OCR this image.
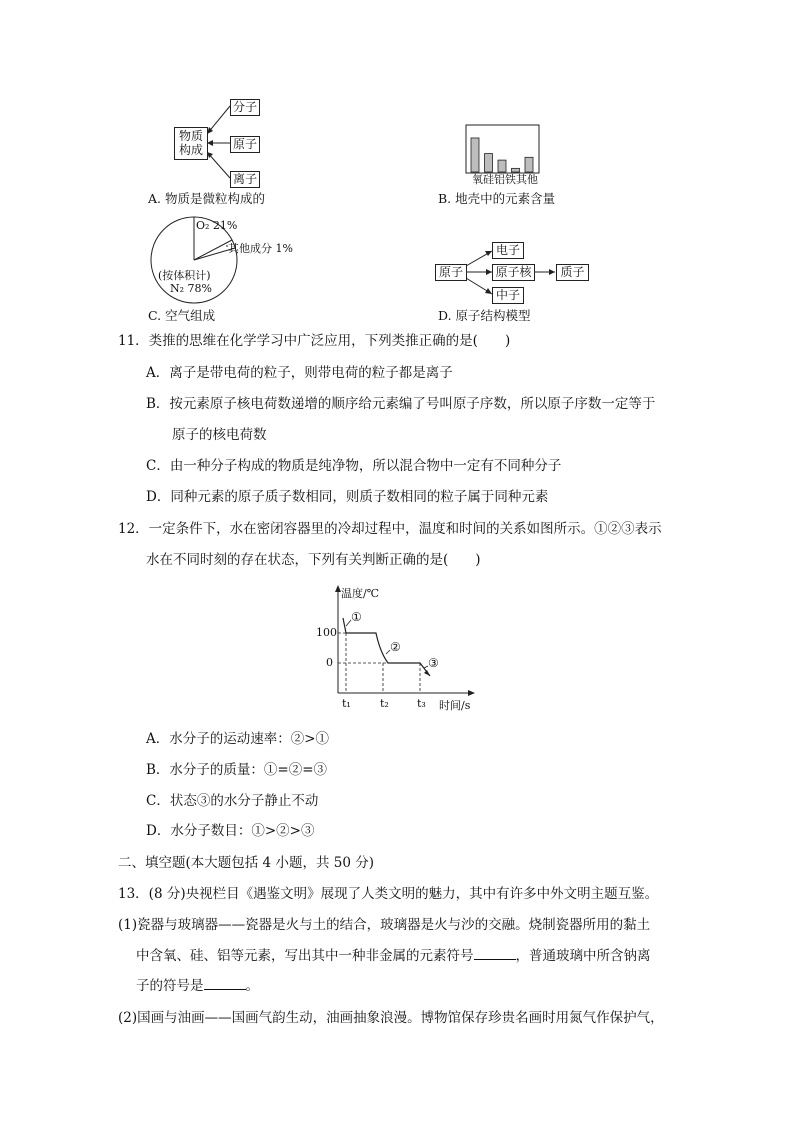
物质
构成
分子
原子
离子
A. 物质是微粒构成的
氧硅铝铁其他
B. 地壳中的元素含量
O₂ 21%
其他成分 1%
(按体积计)
N₂ 78%
C. 空气组成
原子
电子
原子核
中子
质子
D. 原子结构模型
11．类推的思维在化学学习中广泛应用，下列类推正确的是(　　)
A．离子是带电荷的粒子，则带电荷的粒子都是离子
B．按元素原子核电荷数递增的顺序给元素编了号叫原子序数，所以原子序数一定等于
原子的核电荷数
C．由一种分子构成的物质是纯净物，所以混合物中一定有不同种分子
D．同种元素的原子质子数相同，则质子数相同的粒子属于同种元素
12．一定条件下，水在密闭容器里的冷却过程中，温度和时间的关系如图所示。①②③表示
水在不同时刻的存在状态，下列有关判断正确的是(　　)
温度/℃
100
0
t₁	t₂	t₃ 时间/s
①
②
③
A．水分子的运动速率：②>①
B．水分子的质量：①=②=③
C．状态③的水分子静止不动
D．水分子数目：①>②>③
二、填空题(本大题包括 4 小题，共 50 分)
13．(8 分)央视栏目《遇鉴文明》展现了人类文明的魅力，其中有许多中外文明主题互鉴。
(1)瓷器与玻璃器——瓷器是火与土的结合，玻璃器是火与沙的交融。烧制瓷器所用的黏土
中含氧、硅、铝等元素，写出其中一种非金属的元素符号	，普通玻璃中所含钠离
子的符号是	。
(2)国画与油画——国画气韵生动，油画抽象浪漫。博物馆保存珍贵名画时用氮气作保护气，
